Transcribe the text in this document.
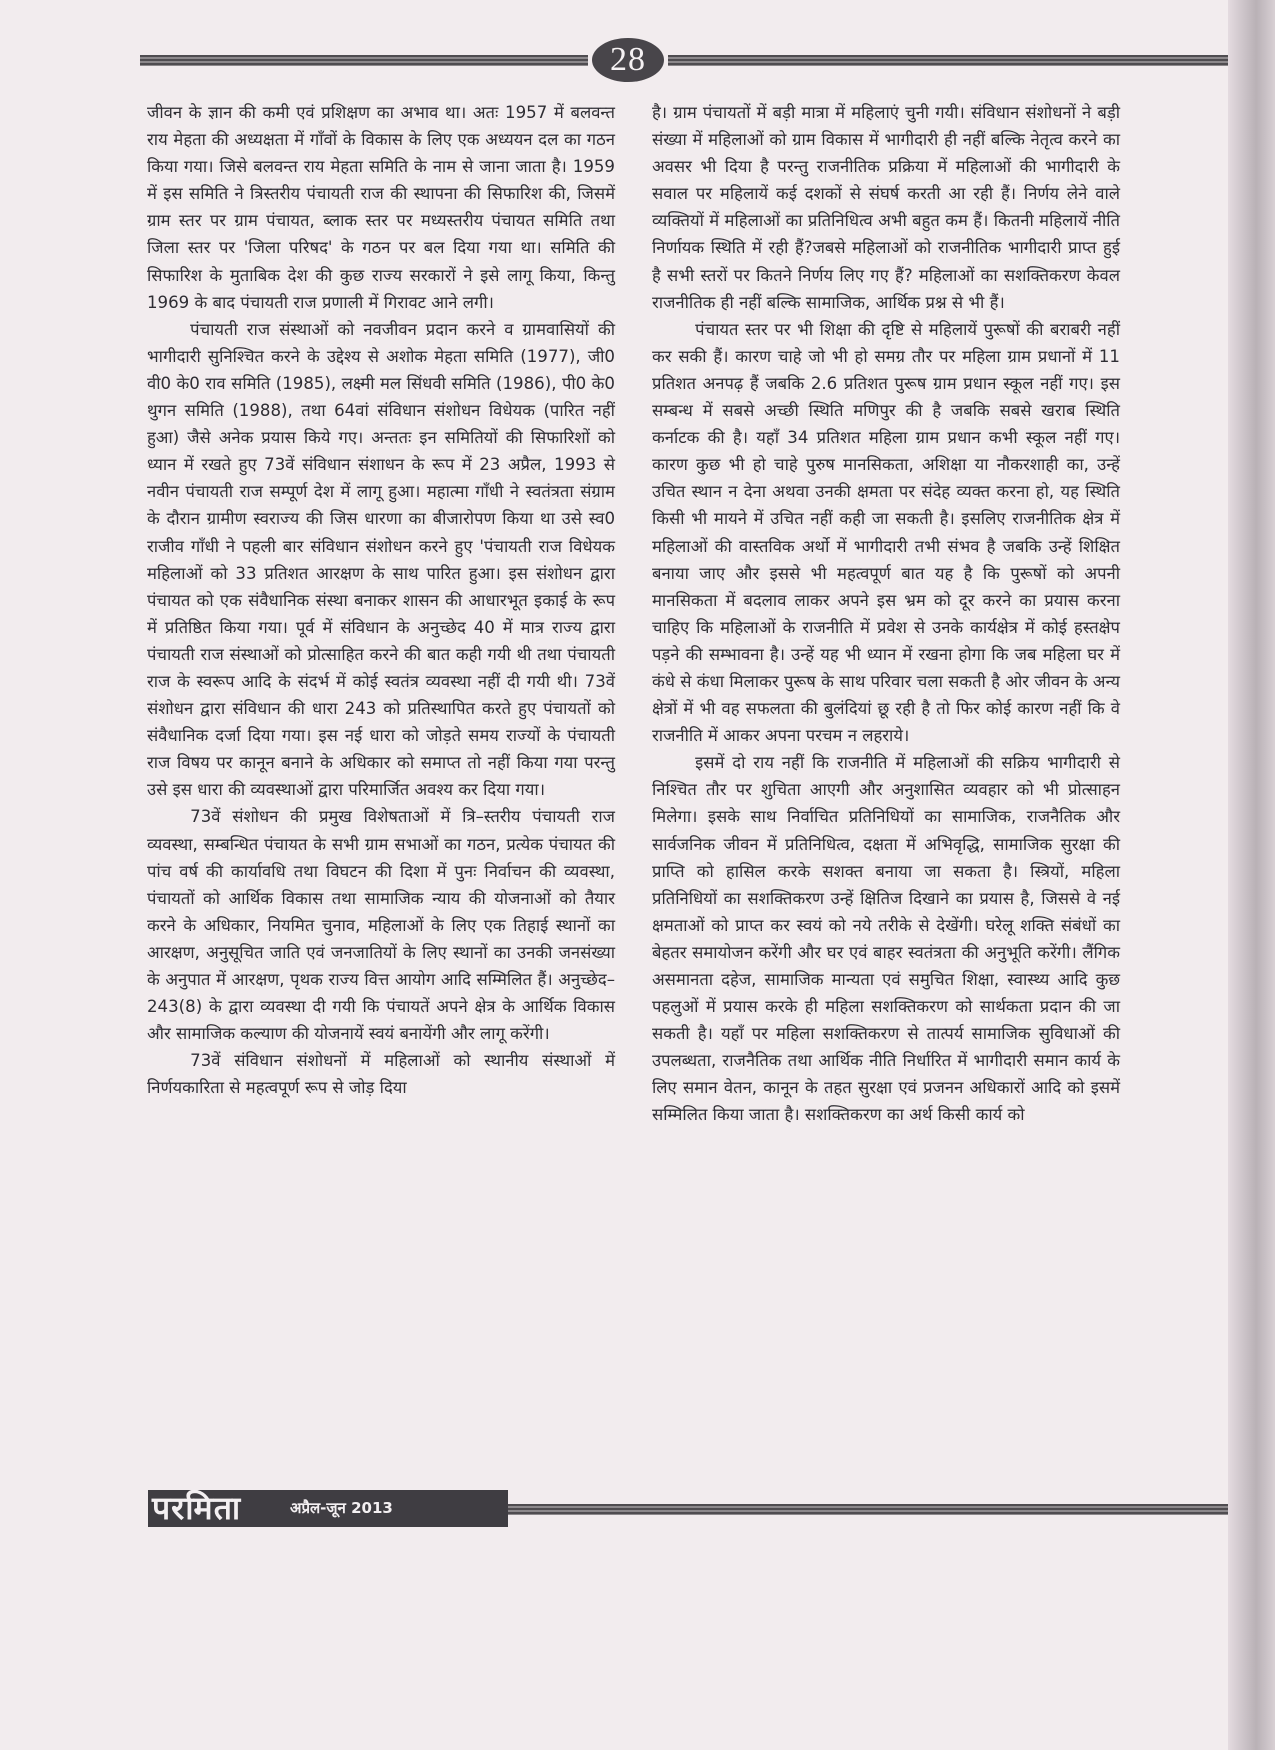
28

जीवन के ज्ञान की कमी एवं प्रशिक्षण का अभाव था। अतः 1957 में बलवन्त राय मेहता की अध्यक्षता में गाँवों के विकास के लिए एक अध्ययन दल का गठन किया गया। जिसे बलवन्त राय मेहता समिति के नाम से जाना जाता है। 1959 में इस समिति ने त्रिस्तरीय पंचायती राज की स्थापना की सिफारिश की, जिसमें ग्राम स्तर पर ग्राम पंचायत, ब्लाक स्तर पर मध्यस्तरीय पंचायत समिति तथा जिला स्तर पर 'जिला परिषद' के गठन पर बल दिया गया था। समिति की सिफारिश के मुताबिक देश की कुछ राज्य सरकारों ने इसे लागू किया, किन्तु 1969 के बाद पंचायती राज प्रणाली में गिरावट आने लगी।

पंचायती राज संस्थाओं को नवजीवन प्रदान करने व ग्रामवासियों की भागीदारी सुनिश्चित करने के उद्देश्य से अशोक मेहता समिति (1977), जी0 वी0 के0 राव समिति (1985), लक्ष्मी मल सिंधवी समिति (1986), पी0 के0 थुगन समिति (1988), तथा 64वां संविधान संशोधन विधेयक (पारित नहीं हुआ) जैसे अनेक प्रयास किये गए। अन्ततः इन समितियों की सिफारिशों को ध्यान में रखते हुए 73वें संविधान संशाधन के रूप में 23 अप्रैल, 1993 से नवीन पंचायती राज सम्पूर्ण देश में लागू हुआ। महात्मा गाँधी ने स्वतंत्रता संग्राम के दौरान ग्रामीण स्वराज्य की जिस धारणा का बीजारोपण किया था उसे स्व0 राजीव गाँधी ने पहली बार संविधान संशोधन करने हुए 'पंचायती राज विधेयक महिलाओं को 33 प्रतिशत आरक्षण के साथ पारित हुआ। इस संशोधन द्वारा पंचायत को एक संवैधानिक संस्था बनाकर शासन की आधारभूत इकाई के रूप में प्रतिष्ठित किया गया। पूर्व में संविधान के अनुच्छेद 40 में मात्र राज्य द्वारा पंचायती राज संस्थाओं को प्रोत्साहित करने की बात कही गयी थी तथा पंचायती राज के स्वरूप आदि के संदर्भ में कोई स्वतंत्र व्यवस्था नहीं दी गयी थी। 73वें संशोधन द्वारा संविधान की धारा 243 को प्रतिस्थापित करते हुए पंचायतों को संवैधानिक दर्जा दिया गया। इस नई धारा को जोड़ते समय राज्यों के पंचायती राज विषय पर कानून बनाने के अधिकार को समाप्त तो नहीं किया गया परन्तु उसे इस धारा की व्यवस्थाओं द्वारा परिमार्जित अवश्य कर दिया गया।

73वें संशोधन की प्रमुख विशेषताओं में त्रि–स्तरीय पंचायती राज व्यवस्था, सम्बन्धित पंचायत के सभी ग्राम सभाओं का गठन, प्रत्येक पंचायत की पांच वर्ष की कार्यावधि तथा विघटन की दिशा में पुनः निर्वाचन की व्यवस्था, पंचायतों को आर्थिक विकास तथा सामाजिक न्याय की योजनाओं को तैयार करने के अधिकार, नियमित चुनाव, महिलाओं के लिए एक तिहाई स्थानों का आरक्षण, अनुसूचित जाति एवं जनजातियों के लिए स्थानों का उनकी जनसंख्या के अनुपात में आरक्षण, पृथक राज्य वित्त आयोग आदि सम्मिलित हैं। अनुच्छेद– 243(8) के द्वारा व्यवस्था दी गयी कि पंचायतें अपने क्षेत्र के आर्थिक विकास और सामाजिक कल्याण की योजनायें स्वयं बनायेंगी और लागू करेंगी।

73वें संविधान संशोधनों में महिलाओं को स्थानीय संस्थाओं में निर्णयकारिता से महत्वपूर्ण रूप से जोड़ दिया

है। ग्राम पंचायतों में बड़ी मात्रा में महिलाएं चुनी गयी। संविधान संशोधनों ने बड़ी संख्या में महिलाओं को ग्राम विकास में भागीदारी ही नहीं बल्कि नेतृत्व करने का अवसर भी दिया है परन्तु राजनीतिक प्रक्रिया में महिलाओं की भागीदारी के सवाल पर महिलायें कई दशकों से संघर्ष करती आ रही हैं। निर्णय लेने वाले व्यक्तियों में महिलाओं का प्रतिनिधित्व अभी बहुत कम हैं। कितनी महिलायें नीति निर्णायक स्थिति में रही हैं?जबसे महिलाओं को राजनीतिक भागीदारी प्राप्त हुई है सभी स्तरों पर कितने निर्णय लिए गए हैं? महिलाओं का सशक्तिकरण केवल राजनीतिक ही नहीं बल्कि सामाजिक, आर्थिक प्रश्न से भी हैं।

पंचायत स्तर पर भी शिक्षा की दृष्टि से महिलायें पुरूषों की बराबरी नहीं कर सकी हैं। कारण चाहे जो भी हो समग्र तौर पर महिला ग्राम प्रधानों में 11 प्रतिशत अनपढ़ हैं जबकि 2.6 प्रतिशत पुरूष ग्राम प्रधान स्कूल नहीं गए। इस सम्बन्ध में सबसे अच्छी स्थिति मणिपुर की है जबकि सबसे खराब स्थिति कर्नाटक की है। यहाँ 34 प्रतिशत महिला ग्राम प्रधान कभी स्कूल नहीं गए। कारण कुछ भी हो चाहे पुरुष मानसिकता, अशिक्षा या नौकरशाही का, उन्हें उचित स्थान न देना अथवा उनकी क्षमता पर संदेह व्यक्त करना हो, यह स्थिति किसी भी मायने में उचित नहीं कही जा सकती है। इसलिए राजनीतिक क्षेत्र में महिलाओं की वास्तविक अर्थो में भागीदारी तभी संभव है जबकि उन्हें शिक्षित बनाया जाए और इससे भी महत्वपूर्ण बात यह है कि पुरूषों को अपनी मानसिकता में बदलाव लाकर अपने इस भ्रम को दूर करने का प्रयास करना चाहिए कि महिलाओं के राजनीति में प्रवेश से उनके कार्यक्षेत्र में कोई हस्तक्षेप पड़ने की सम्भावना है। उन्हें यह भी ध्यान में रखना होगा कि जब महिला घर में कंधे से कंधा मिलाकर पुरूष के साथ परिवार चला सकती है ओर जीवन के अन्य क्षेत्रों में भी वह सफलता की बुलंदियां छू रही है तो फिर कोई कारण नहीं कि वे राजनीति में आकर अपना परचम न लहराये।

इसमें दो राय नहीं कि राजनीति में महिलाओं की सक्रिय भागीदारी से निश्चित तौर पर शुचिता आएगी और अनुशासित व्यवहार को भी प्रोत्साहन मिलेगा। इसके साथ निर्वाचित प्रतिनिधियों का सामाजिक, राजनैतिक और सार्वजनिक जीवन में प्रतिनिधित्व, दक्षता में अभिवृद्धि, सामाजिक सुरक्षा की प्राप्ति को हासिल करके सशक्त बनाया जा सकता है। स्त्रियों, महिला प्रतिनिधियों का सशक्तिकरण उन्हें क्षितिज दिखाने का प्रयास है, जिससे वे नई क्षमताओं को प्राप्त कर स्वयं को नये तरीके से देखेंगी। घरेलू शक्ति संबंधों का बेहतर समायोजन करेंगी और घर एवं बाहर स्वतंत्रता की अनुभूति करेंगी। लैंगिक असमानता दहेज, सामाजिक मान्यता एवं समुचित शिक्षा, स्वास्थ्य आदि कुछ पहलुओं में प्रयास करके ही महिला सशक्तिकरण को सार्थकता प्रदान की जा सकती है। यहाँ पर महिला सशक्तिकरण से तात्पर्य सामाजिक सुविधाओं की उपलब्धता, राजनैतिक तथा आर्थिक नीति निर्धारित में भागीदारी समान कार्य के लिए समान वेतन, कानून के तहत सुरक्षा एवं प्रजनन अधिकारों आदि को इसमें सम्मिलित किया जाता है। सशक्तिकरण का अर्थ किसी कार्य को

परमिता	अप्रैल-जून 2013
